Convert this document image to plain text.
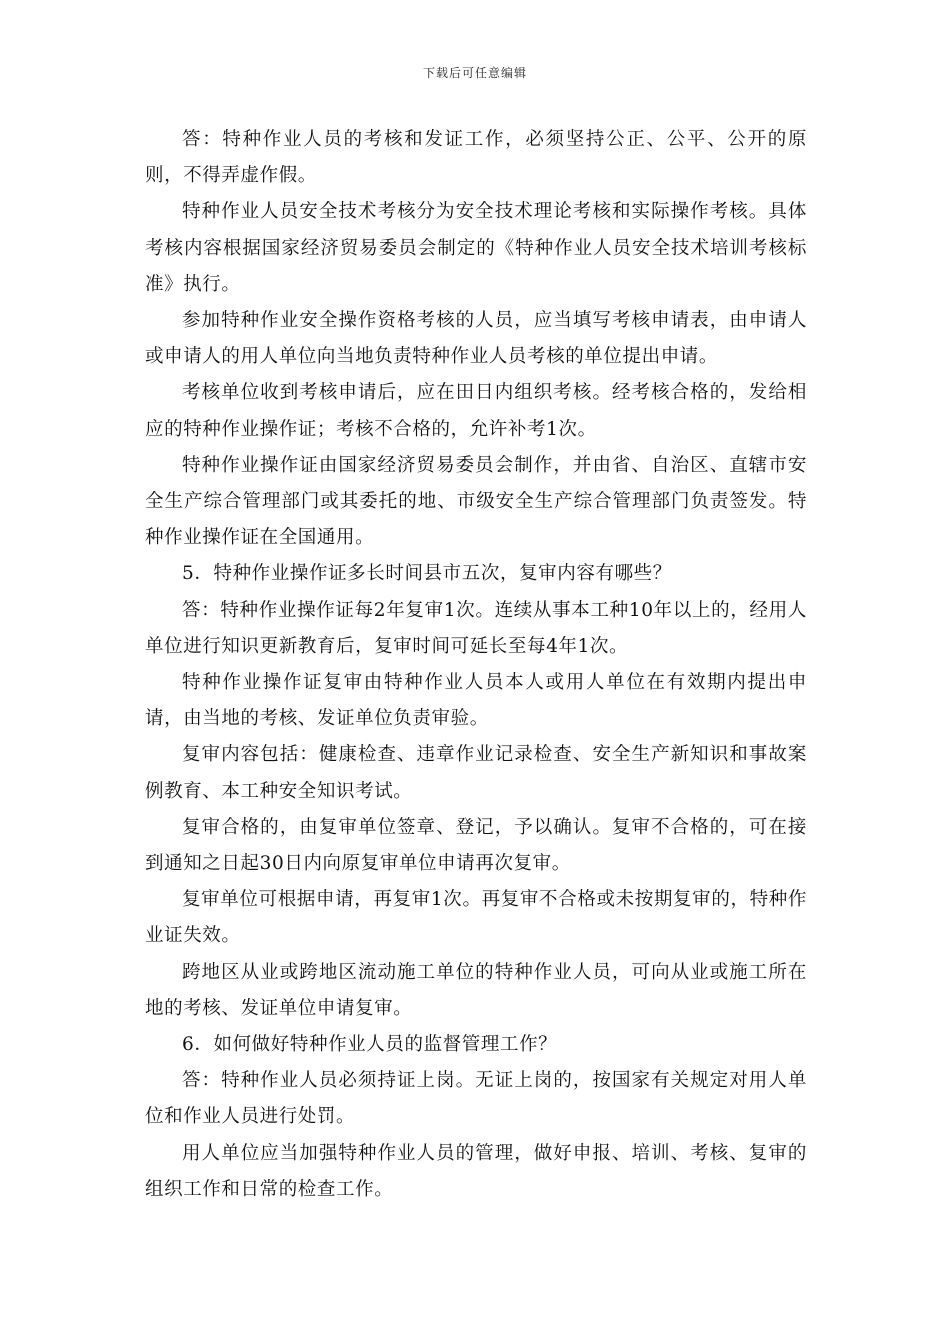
下载后可任意编辑

答：特种作业人员的考核和发证工作，必须坚持公正、公平、公开的原则，不得弄虚作假。

特种作业人员安全技术考核分为安全技术理论考核和实际操作考核。具体考核内容根据国家经济贸易委员会制定的《特种作业人员安全技术培训考核标准》执行。

参加特种作业安全操作资格考核的人员，应当填写考核申请表，由申请人或申请人的用人单位向当地负责特种作业人员考核的单位提出申请。

考核单位收到考核申请后，应在田日内组织考核。经考核合格的，发给相应的特种作业操作证；考核不合格的，允许补考1次。

特种作业操作证由国家经济贸易委员会制作，并由省、自治区、直辖市安全生产综合管理部门或其委托的地、市级安全生产综合管理部门负责签发。特种作业操作证在全国通用。

5．特种作业操作证多长时间县市五次，复审内容有哪些？

答：特种作业操作证每2年复审1次。连续从事本工种10年以上的，经用人单位进行知识更新教育后，复审时间可延长至每4年1次。

特种作业操作证复审由特种作业人员本人或用人单位在有效期内提出申请，由当地的考核、发证单位负责审验。

复审内容包括：健康检查、违章作业记录检查、安全生产新知识和事故案例教育、本工种安全知识考试。

复审合格的，由复审单位签章、登记，予以确认。复审不合格的，可在接到通知之日起30日内向原复审单位申请再次复审。

复审单位可根据申请，再复审1次。再复审不合格或未按期复审的，特种作业证失效。

跨地区从业或跨地区流动施工单位的特种作业人员，可向从业或施工所在地的考核、发证单位申请复审。

6．如何做好特种作业人员的监督管理工作？

答：特种作业人员必须持证上岗。无证上岗的，按国家有关规定对用人单位和作业人员进行处罚。

用人单位应当加强特种作业人员的管理，做好申报、培训、考核、复审的组织工作和日常的检查工作。
